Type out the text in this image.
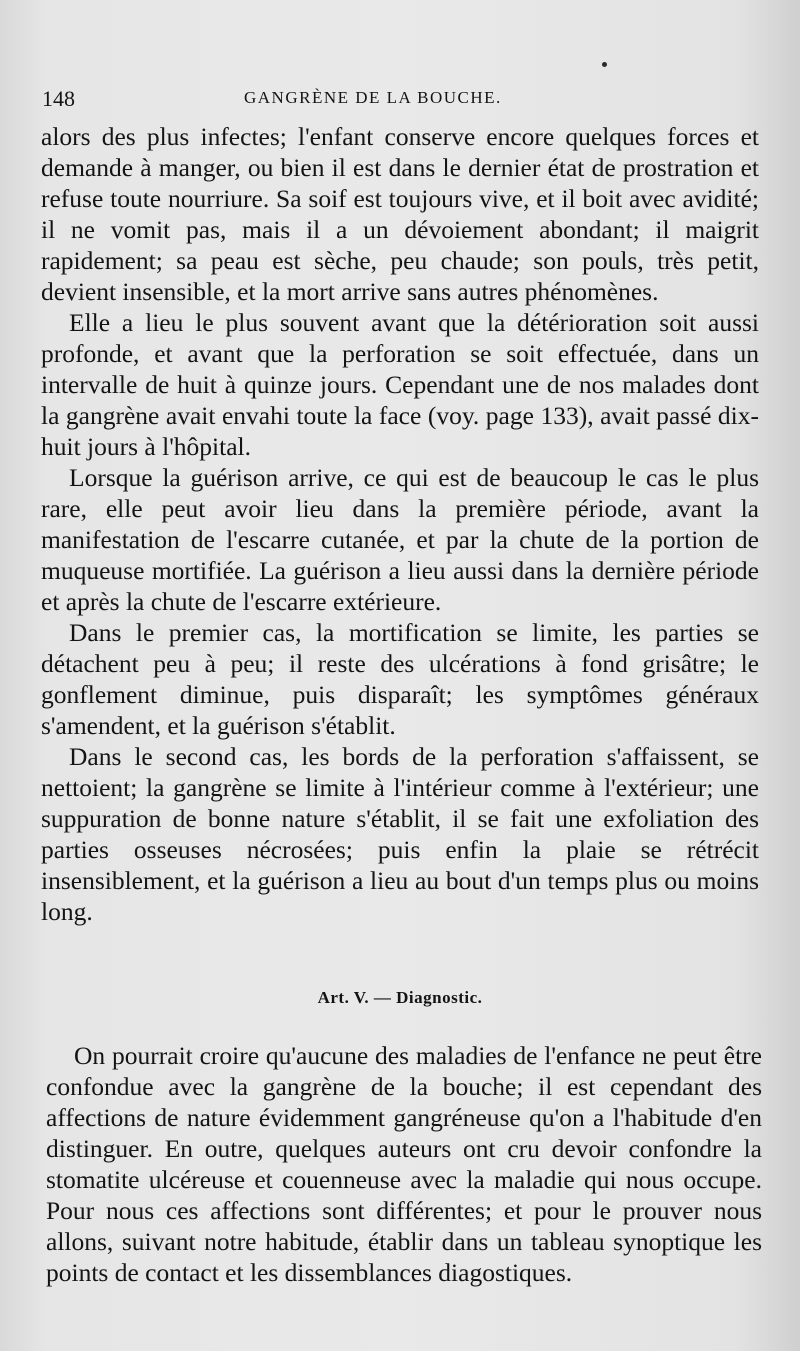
148	GANGRÈNE DE LA BOUCHE.

alors des plus infectes; l'enfant conserve encore quelques forces et demande à manger, ou bien il est dans le dernier état de prostration et refuse toute nourriure. Sa soif est toujours vive, et il boit avec avidité; il ne vomit pas, mais il a un dévoiement abondant; il maigrit rapidement; sa peau est sèche, peu chaude; son pouls, très petit, devient insensible, et la mort arrive sans autres phénomènes.

Elle a lieu le plus souvent avant que la détérioration soit aussi profonde, et avant que la perforation se soit effectuée, dans un intervalle de huit à quinze jours. Cependant une de nos malades dont la gangrène avait envahi toute la face (voy. page 133), avait passé dix-huit jours à l'hôpital.

Lorsque la guérison arrive, ce qui est de beaucoup le cas le plus rare, elle peut avoir lieu dans la première période, avant la manifestation de l'escarre cutanée, et par la chute de la portion de muqueuse mortifiée. La guérison a lieu aussi dans la dernière période et après la chute de l'escarre extérieure.

Dans le premier cas, la mortification se limite, les parties se détachent peu à peu; il reste des ulcérations à fond grisâtre; le gonflement diminue, puis disparaît; les symptômes généraux s'amendent, et la guérison s'établit.

Dans le second cas, les bords de la perforation s'affaissent, se nettoient; la gangrène se limite à l'intérieur comme à l'extérieur; une suppuration de bonne nature s'établit, il se fait une exfoliation des parties osseuses nécrosées; puis enfin la plaie se rétrécit insensiblement, et la guérison a lieu au bout d'un temps plus ou moins long.

Art. V. — Diagnostic.

On pourrait croire qu'aucune des maladies de l'enfance ne peut être confondue avec la gangrène de la bouche; il est cependant des affections de nature évidemment gangréneuse qu'on a l'habitude d'en distinguer. En outre, quelques auteurs ont cru devoir confondre la stomatite ulcéreuse et couenneuse avec la maladie qui nous occupe. Pour nous ces affections sont différentes; et pour le prouver nous allons, suivant notre habitude, établir dans un tableau synoptique les points de contact et les dissemblances diagostiques.
